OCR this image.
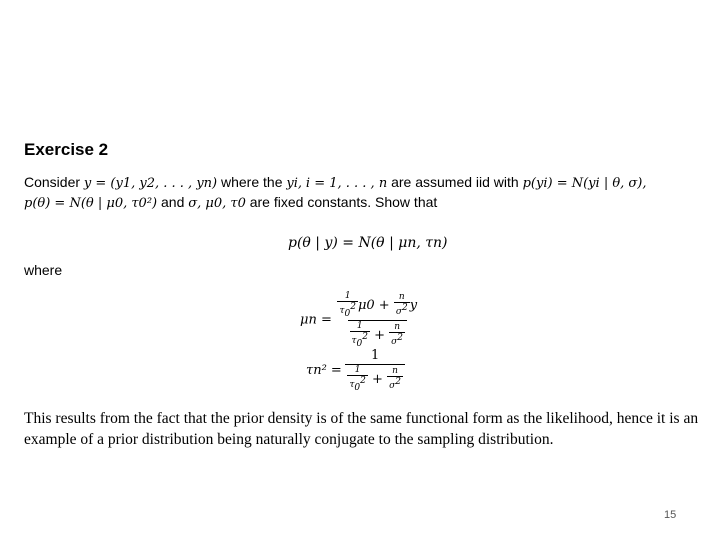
Exercise 2
Consider y = (y1, y2, . . . , yn) where the yi, i = 1, . . . , n are assumed iid with p(yi) = N(yi | θ, σ),
p(θ) = N(θ | μ0, τ0²) and σ, μ0, τ0 are fixed constants. Show that
p(θ | y) = N(θ | μn, τn)
where
$\mu n = \frac{\frac{1}{\tau_0^2} \mu 0 + \frac{n}{\sigma^2} y}{\frac{1}{\tau_0^2} + \frac{n}{\sigma^2}}$
$\tau n^2 = \frac{1}{\frac{1}{\tau_0^2} + \frac{n}{\sigma^2}}$
This results from the fact that the prior density is of the same functional form as the likelihood, hence it is an example of a prior distribution being naturally conjugate to the sampling distribution.
15
